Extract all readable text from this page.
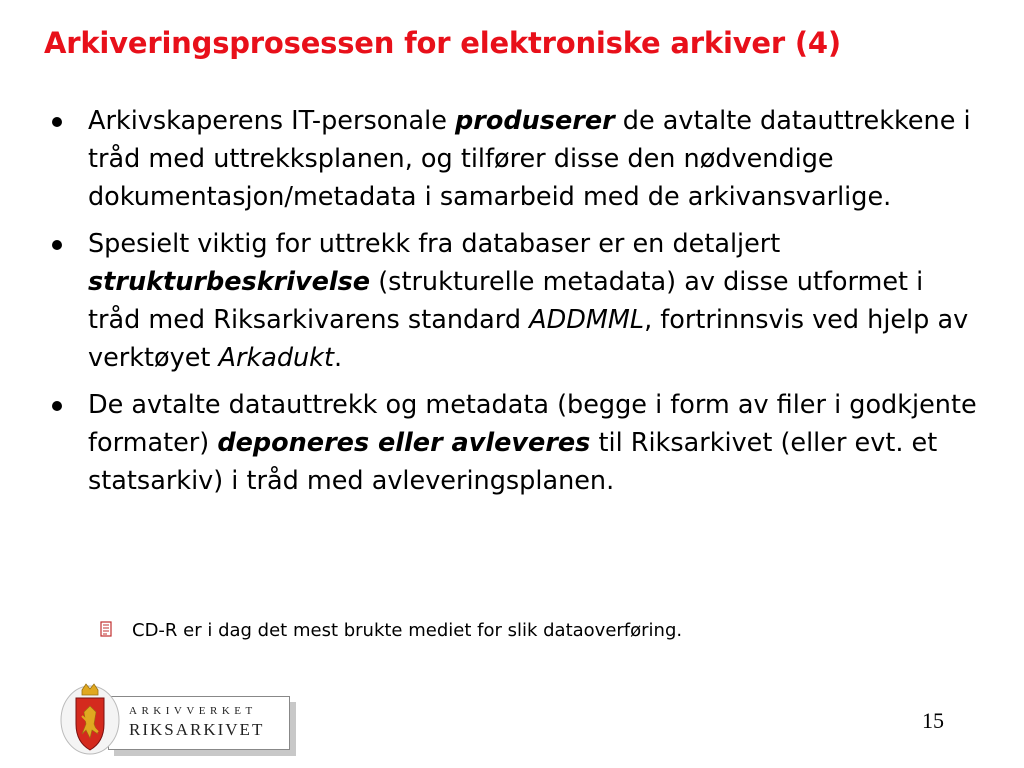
Arkiveringsprosessen for elektroniske arkiver (4)
Arkivskaperens IT-personale produserer de avtalte datauttrekkene i tråd med uttrekksplanen, og tilfører disse den nødvendige dokumentasjon/metadata i samarbeid med de arkivansvarlige.
Spesielt viktig for uttrekk fra databaser er en detaljert strukturbeskrivelse (strukturelle metadata) av disse utformet i tråd med Riksarkivarens standard ADDMML, fortrinnsvis ved hjelp av verktøyet Arkadukt.
De avtalte datauttrekk og metadata (begge i form av filer i godkjente formater) deponeres eller avleveres til Riksarkivet (eller evt. et statsarkiv) i tråd med avleveringsplanen.
CD-R er i dag det mest brukte mediet for slik dataoverføring.
ARKIVVERKET
RIKSARKIVET	15
